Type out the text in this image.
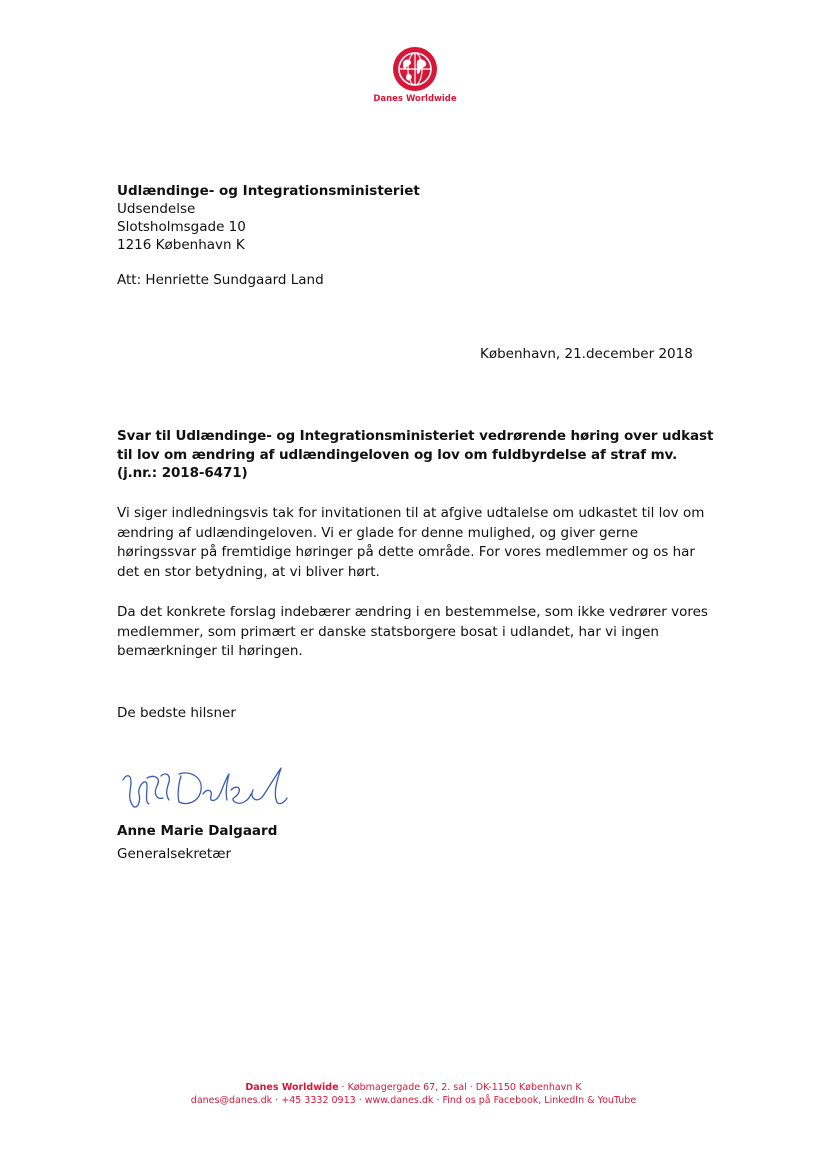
Danes Worldwide
Udlændinge- og Integrationsministeriet
Udsendelse
Slotsholmsgade 10
1216 København K
Att: Henriette Sundgaard Land
København, 21.december 2018
Svar til Udlændinge- og Integrationsministeriet vedrørende høring over udkast til lov om ændring af udlændingeloven og lov om fuldbyrdelse af straf mv. (j.nr.: 2018-6471)
Vi siger indledningsvis tak for invitationen til at afgive udtalelse om udkastet til lov om ændring af udlændingeloven. Vi er glade for denne mulighed, og giver gerne høringssvar på fremtidige høringer på dette område. For vores medlemmer og os har det en stor betydning, at vi bliver hørt.
Da det konkrete forslag indebærer ændring i en bestemmelse, som ikke vedrører vores medlemmer, som primært er danske statsborgere bosat i udlandet, har vi ingen bemærkninger til høringen.
De bedste hilsner
Anne Marie Dalgaard
Generalsekretær
Danes Worldwide · Købmagergade 67, 2. sal · DK-1150 København K
danes@danes.dk · +45 3332 0913 · www.danes.dk · Find os på Facebook, LinkedIn & YouTube
